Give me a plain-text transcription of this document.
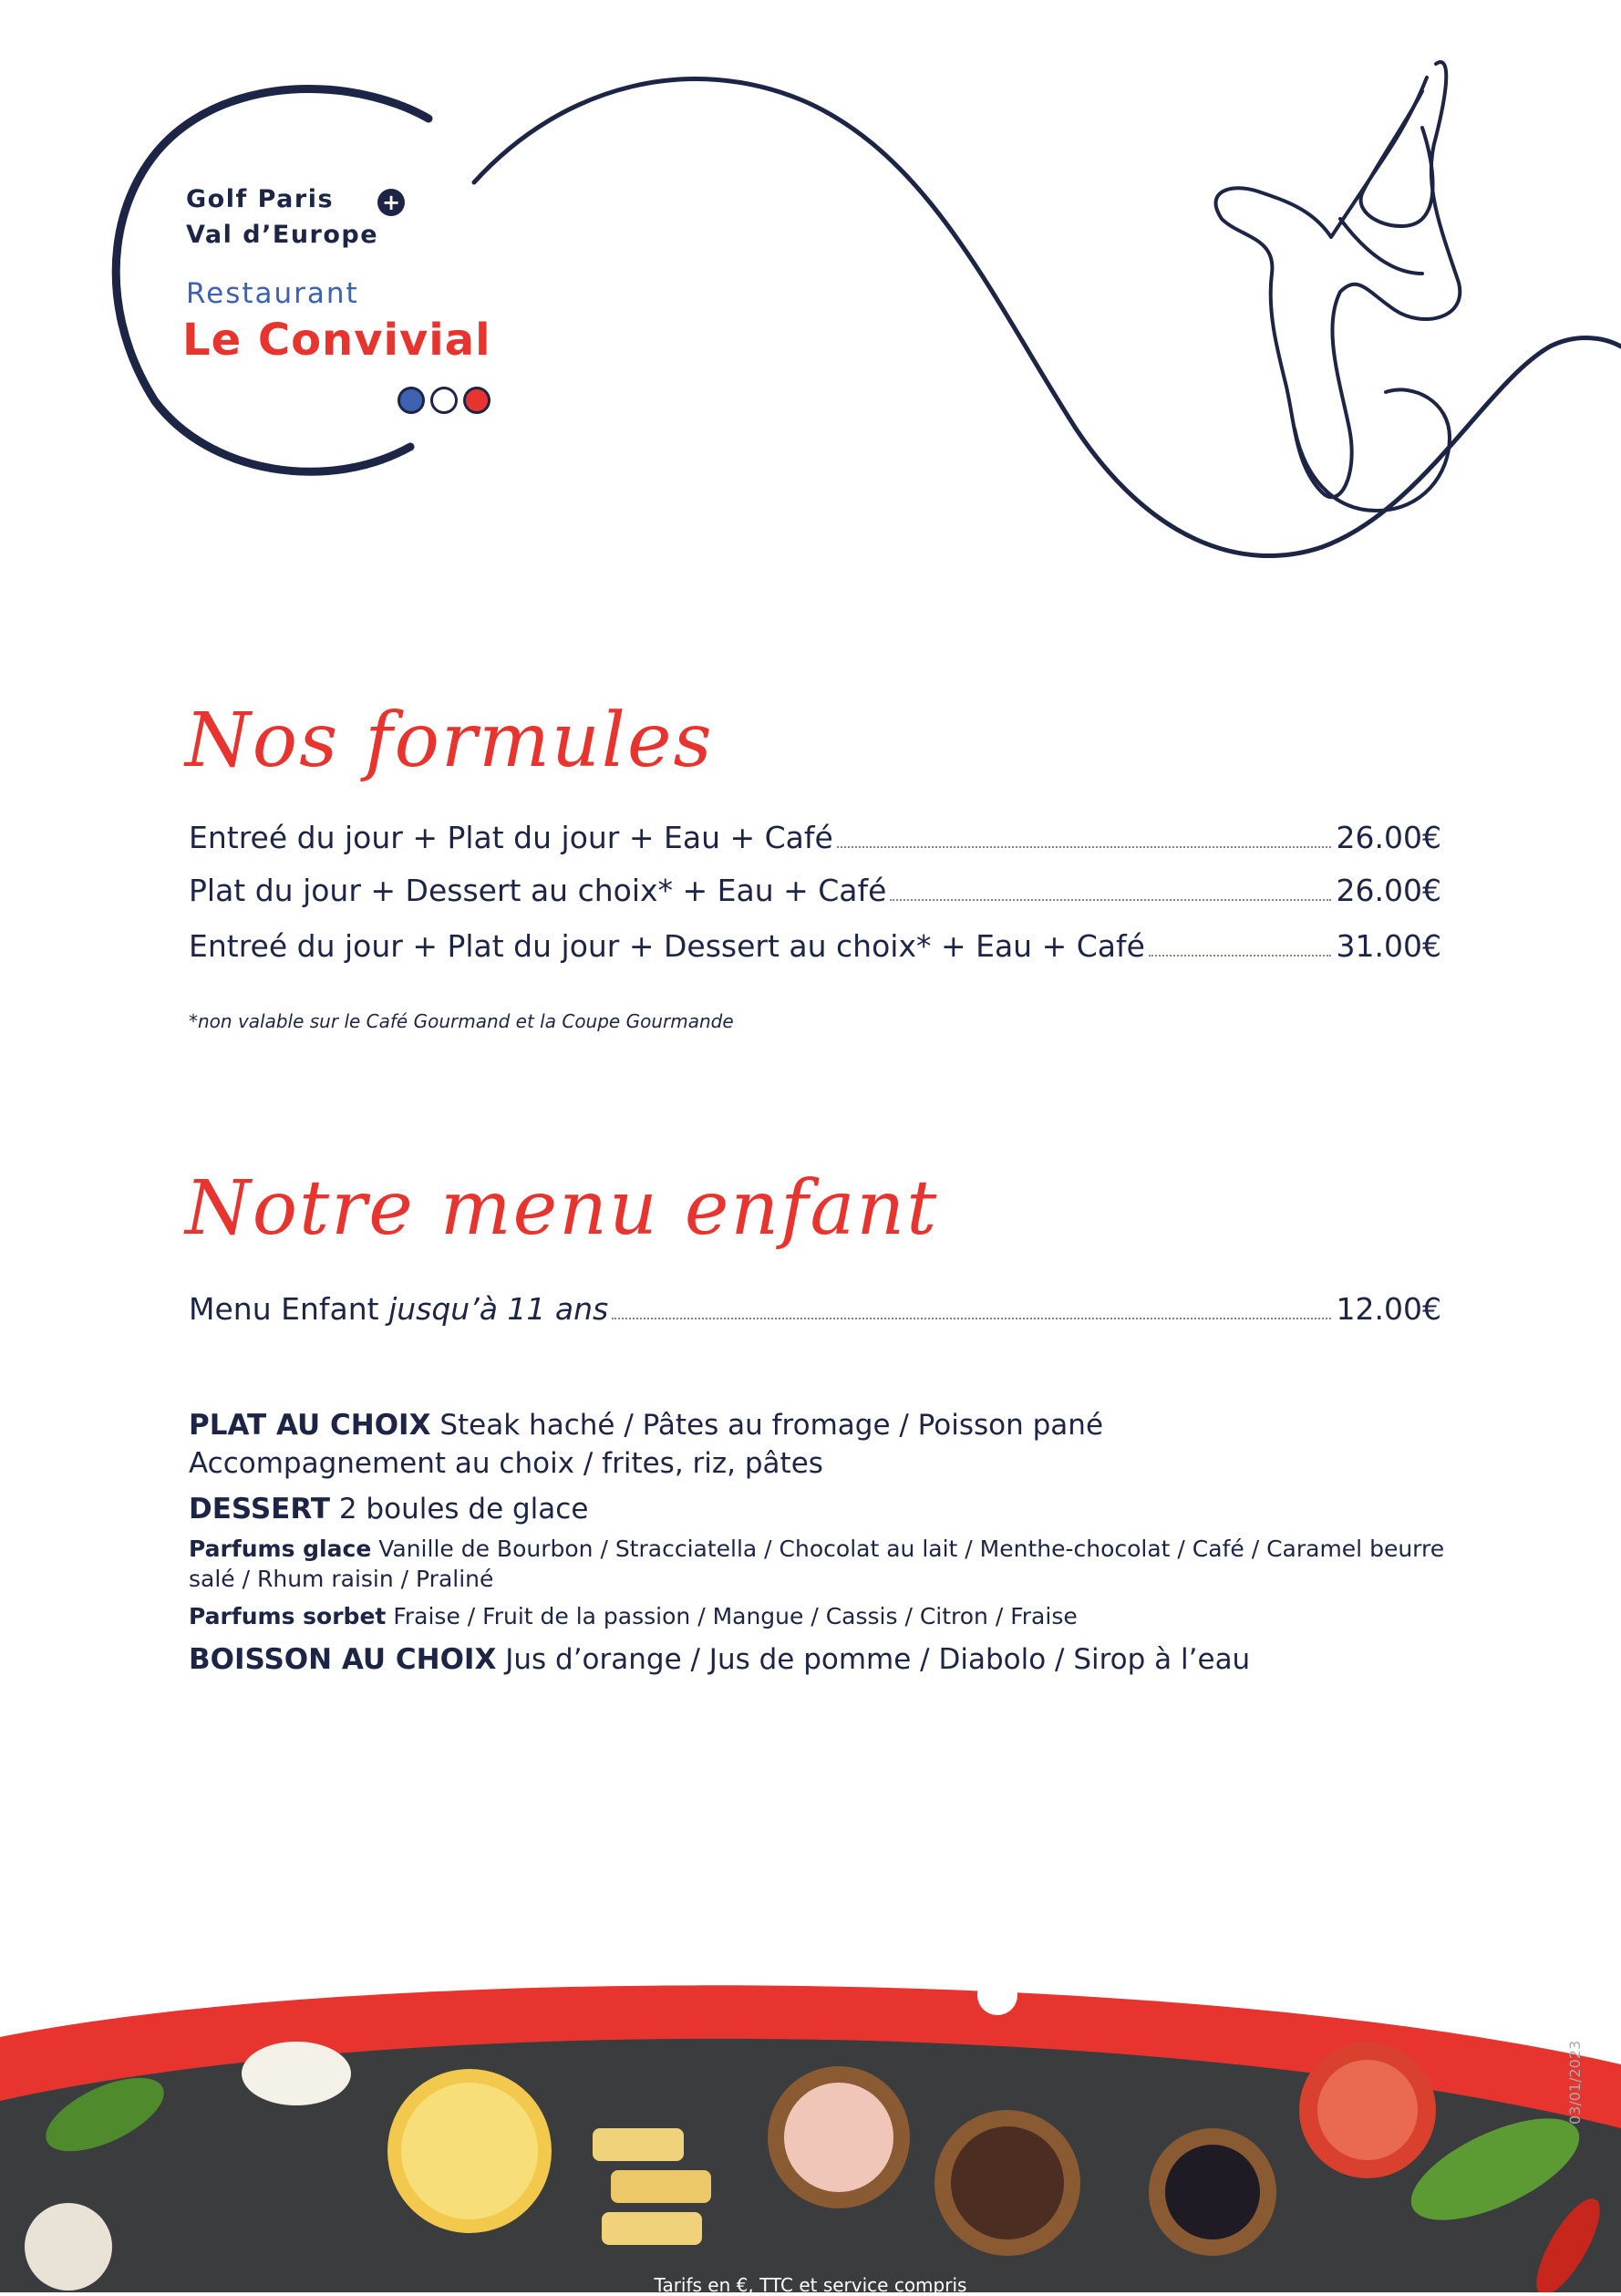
Golf Paris +
Val d’Europe
Restaurant
Le Convivial
Nos formules
Entreé du jour + Plat du jour + Eau + Café	26.00€
Plat du jour + Dessert au choix* + Eau + Café	26.00€
Entreé du jour + Plat du jour + Dessert au choix* + Eau + Café	31.00€
*non valable sur le Café Gourmand et la Coupe Gourmande
Notre menu enfant
Menu Enfant jusqu’à 11 ans	12.00€
PLAT AU CHOIX Steak haché / Pâtes au fromage / Poisson pané
Accompagnement au choix / frites, riz, pâtes
DESSERT 2 boules de glace
Parfums glace Vanille de Bourbon / Stracciatella / Chocolat au lait / Menthe-chocolat / Café / Caramel beurre salé / Rhum raisin / Praliné
Parfums sorbet Fraise / Fruit de la passion / Mangue / Cassis / Citron / Fraise
BOISSON AU CHOIX Jus d’orange / Jus de pomme / Diabolo / Sirop à l’eau
Tarifs en €, TTC et service compris
03/01/2023
